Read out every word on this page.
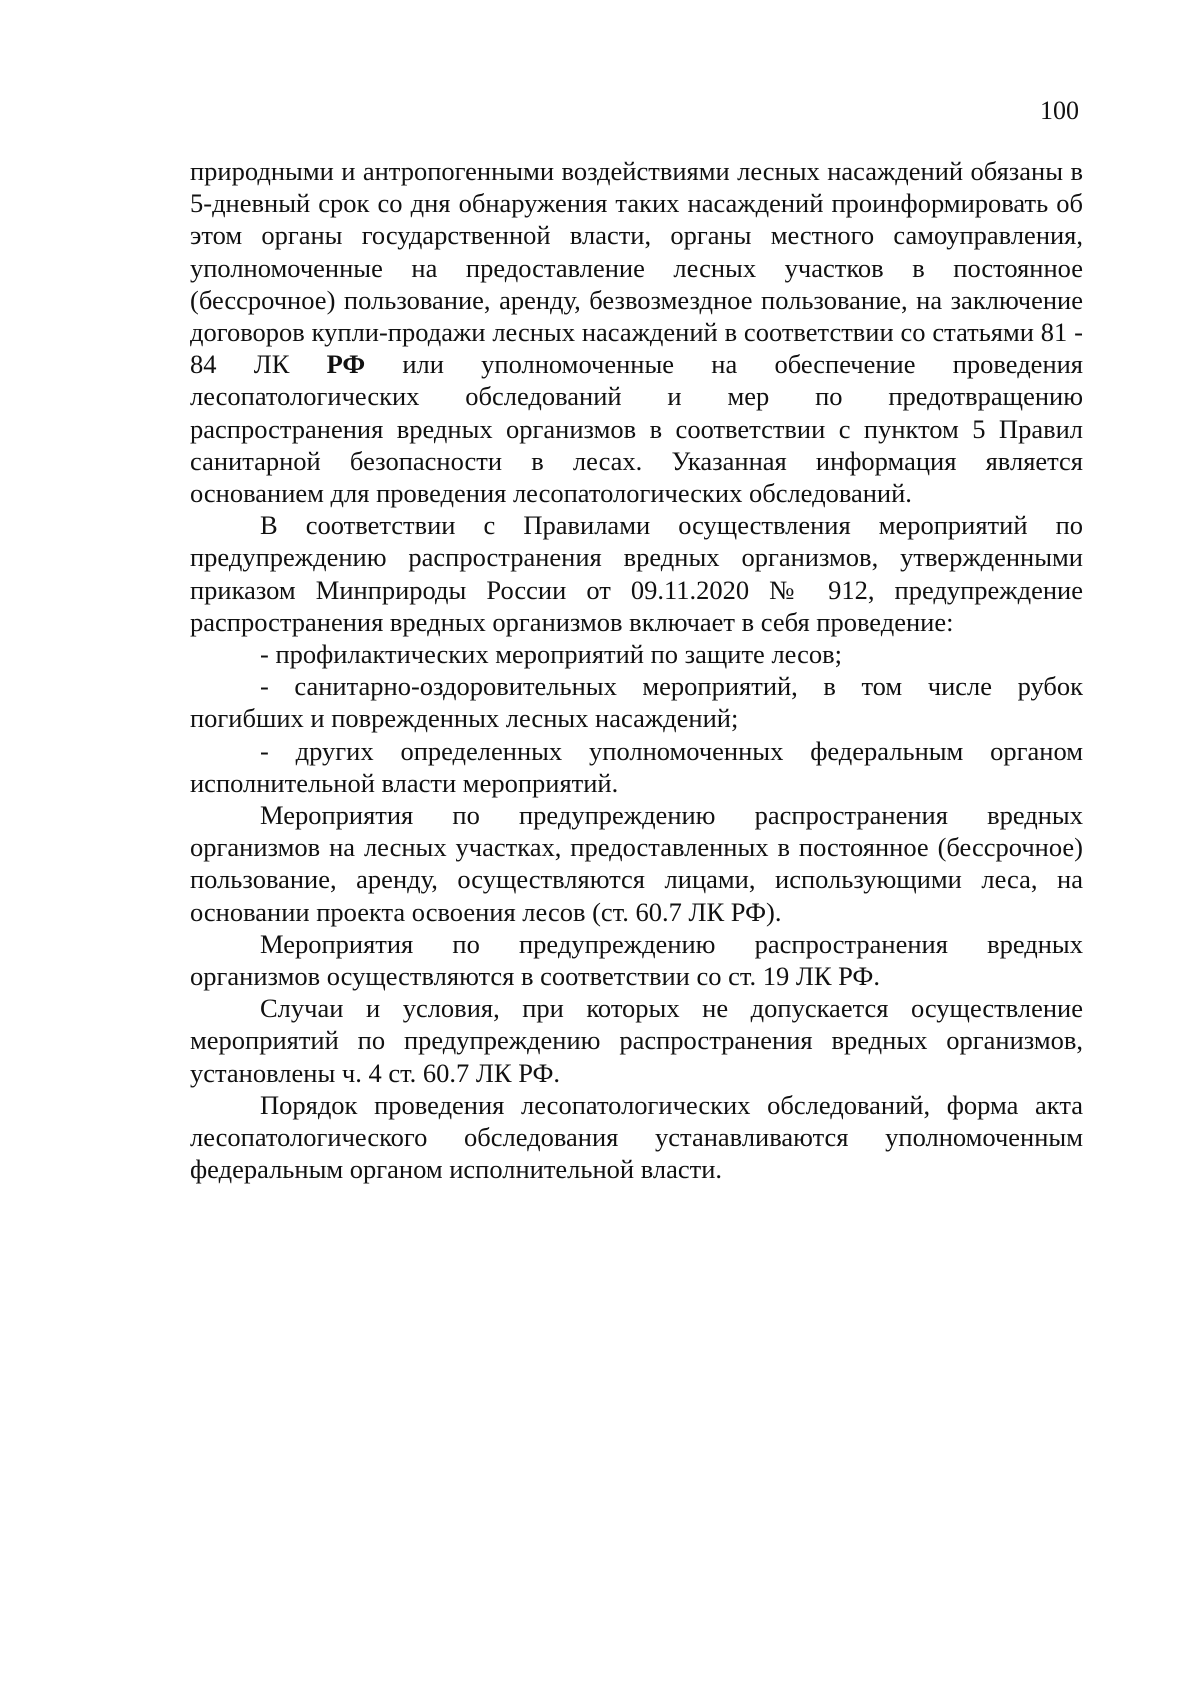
100

природными и антропогенными воздействиями лесных насаждений обязаны в 5-дневный срок со дня обнаружения таких насаждений проинформировать об этом органы государственной власти, органы местного самоуправления, уполномоченные на предоставление лесных участков в постоянное (бессрочное) пользование, аренду, безвозмездное пользование, на заключение договоров купли-продажи лесных насаждений в соответствии со статьями 81 - 84 ЛК РФ или уполномоченные на обеспечение проведения лесопатологических обследований и мер по предотвращению распространения вредных организмов в соответствии с пунктом 5 Правил санитарной безопасности в лесах. Указанная информация является основанием для проведения лесопатологических обследований.

В соответствии с Правилами осуществления мероприятий по предупреждению распространения вредных организмов, утвержденными приказом Минприроды России от 09.11.2020 № 912, предупреждение распространения вредных организмов включает в себя проведение:

- профилактических мероприятий по защите лесов;

- санитарно-оздоровительных мероприятий, в том числе рубок погибших и поврежденных лесных насаждений;

- других определенных уполномоченных федеральным органом исполнительной власти мероприятий.

Мероприятия по предупреждению распространения вредных организмов на лесных участках, предоставленных в постоянное (бессрочное) пользование, аренду, осуществляются лицами, использующими леса, на основании проекта освоения лесов (ст. 60.7 ЛК РФ).

Мероприятия по предупреждению распространения вредных организмов осуществляются в соответствии со ст. 19 ЛК РФ.

Случаи и условия, при которых не допускается осуществление мероприятий по предупреждению распространения вредных организмов, установлены ч. 4 ст. 60.7 ЛК РФ.

Порядок проведения лесопатологических обследований, форма акта лесопатологического обследования устанавливаются уполномоченным федеральным органом исполнительной власти.
